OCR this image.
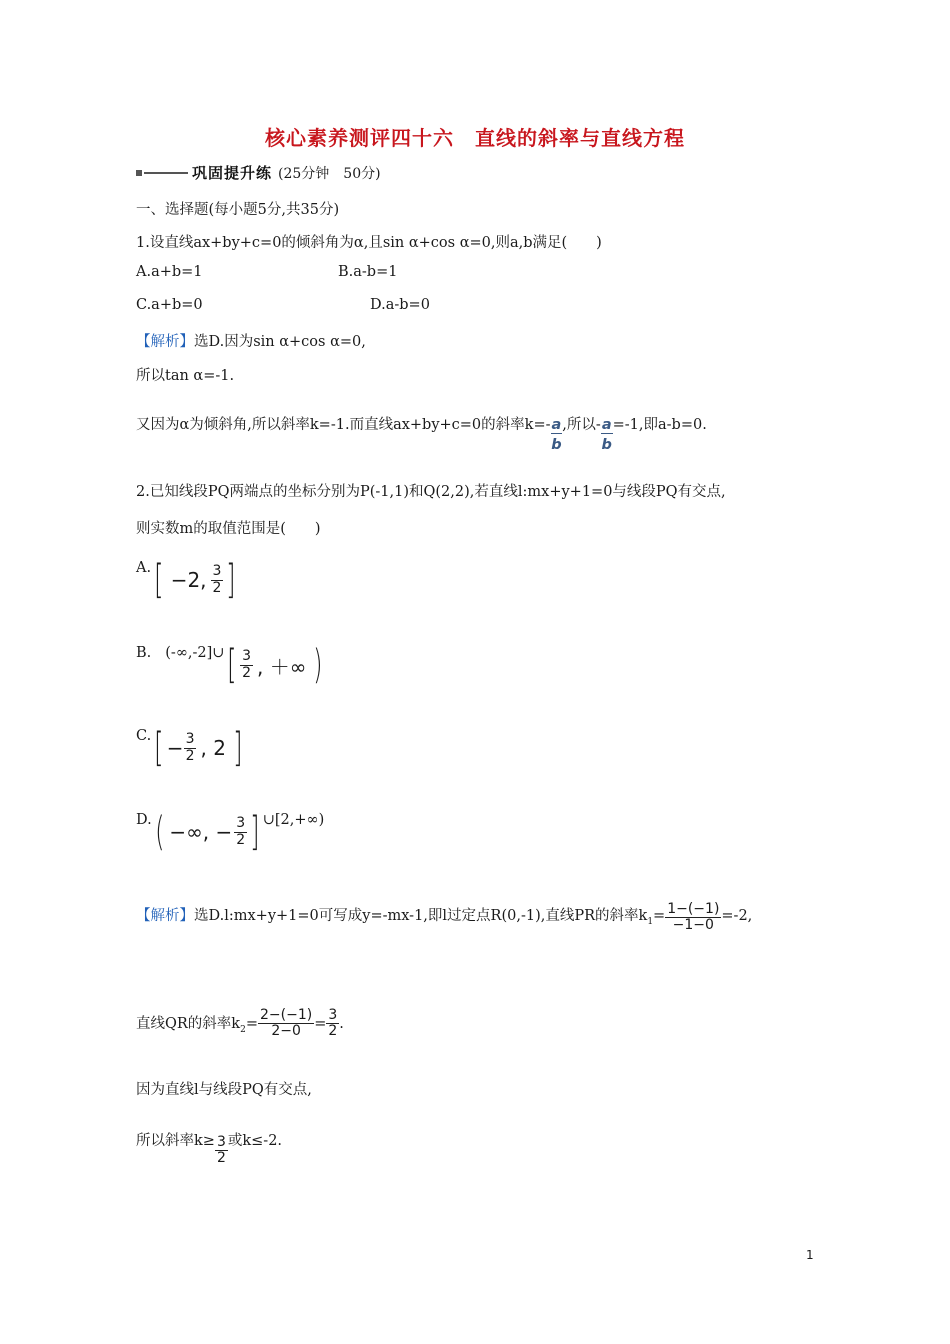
核心素养测评四十六　直线的斜率与直线方程
巩固提升练 (25分钟　50分)
一、选择题(每小题5分,共35分)
1.设直线ax+by+c=0的倾斜角为α,且sin α+cos α=0,则a,b满足(　　)
A.a+b=1	B.a-b=1
C.a+b=0	D.a-b=0
【解析】选D.因为sin α+cos α=0,
所以tan α=-1.
又因为α为倾斜角,所以斜率k=-1.而直线ax+by+c=0的斜率$k=- \frac{a}{b}$ ,所以- $\frac{a}{b} =-1$,即a-b=0.
2.已知线段PQ两端点的坐标分别为P(-1,1)和Q(2,2),若直线l:mx+y+1=0与线段PQ有交点,
则实数m的取值范围是(　　)
A. [ −2, $\frac{3}{2}$ ]
B. (-∞,-2]∪ [ $\frac{3}{2}$ , ＋∞ )
C. [ − $\frac{3}{2}$ , 2 ]
D. ( −∞, − $\frac{3}{2}$ ] ∪[2,+∞)
【解析】选D.l:mx+y+1=0可写成y=-mx-1,即l过定点R(0,-1),直线PR的斜率$k_1= \frac{1-(-1)}{-1-0} =-2$,
直线QR的斜率$k_2= \frac{2-(-1)}{2-0} = \frac{3}{2}$ .
因为直线l与线段PQ有交点,
所以斜率$k\ge \frac{3}{2}$ 或k≤-2.
1
